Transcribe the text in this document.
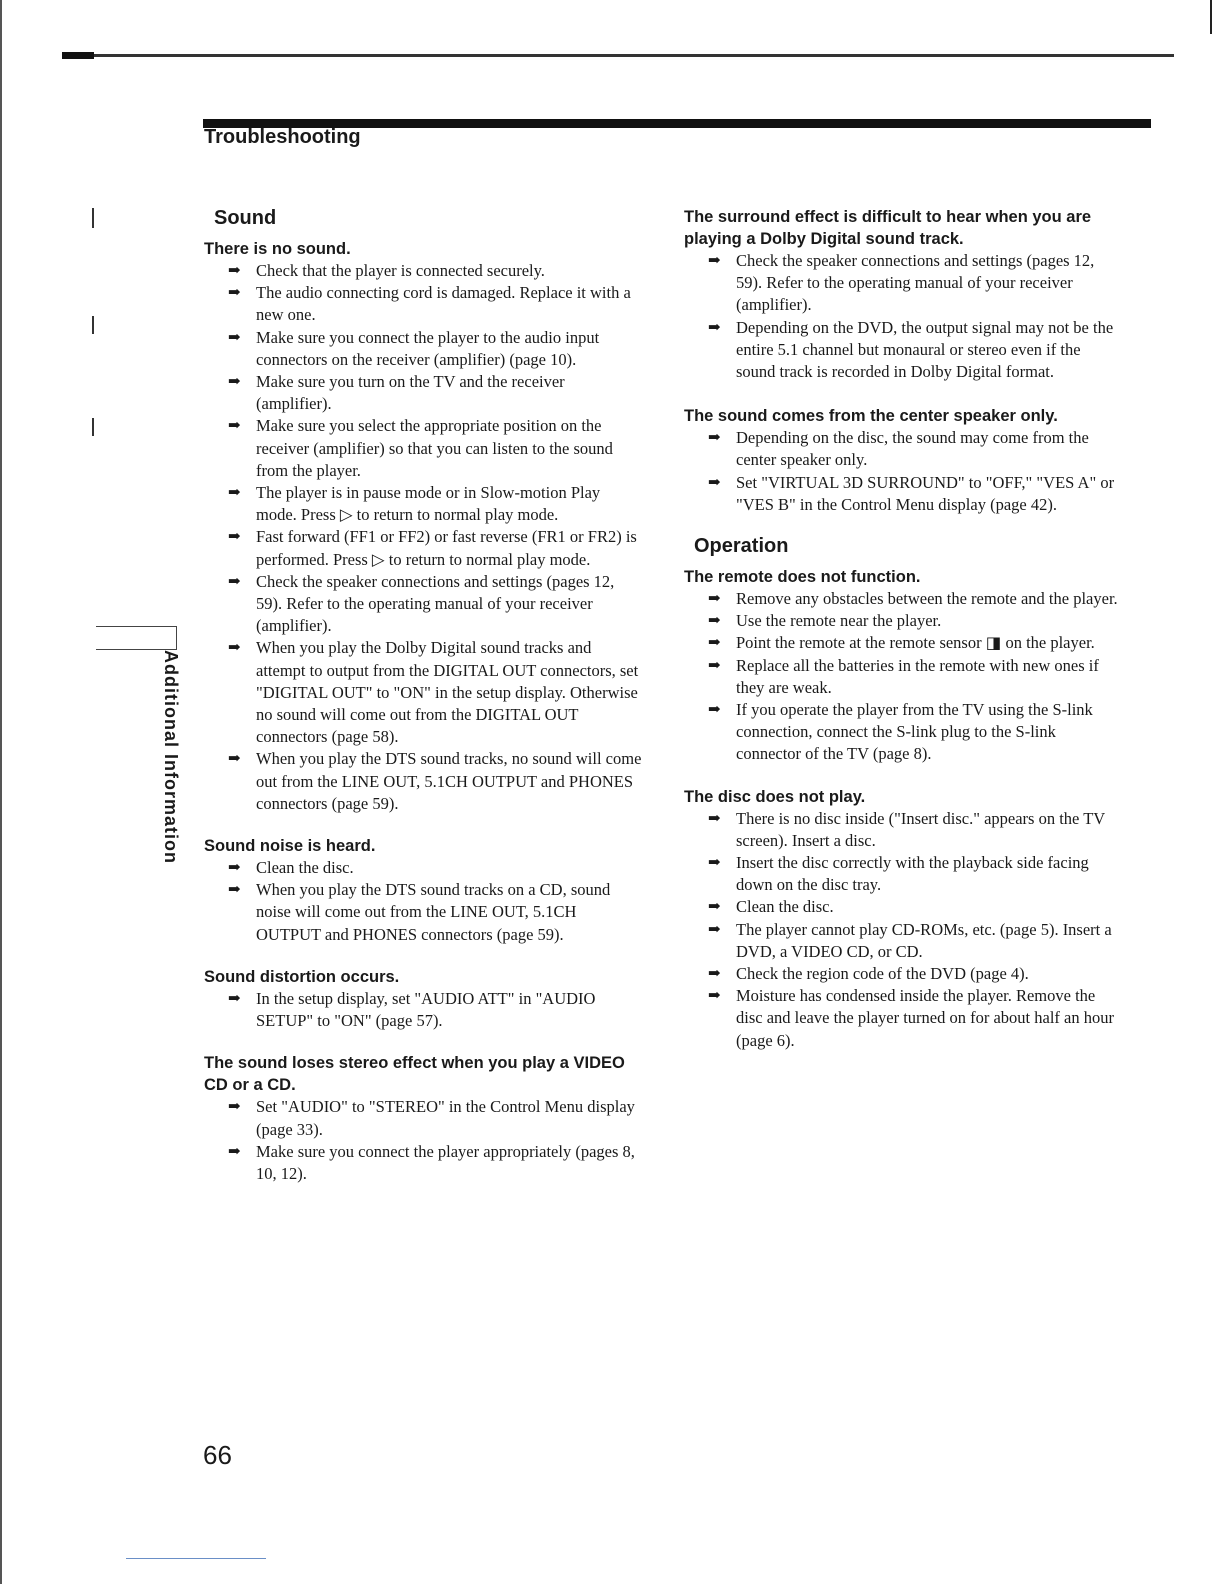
Troubleshooting
Additional Information
Sound
There is no sound.
➡ Check that the player is connected securely.
➡ The audio connecting cord is damaged. Replace it with a new one.
➡ Make sure you connect the player to the audio input connectors on the receiver (amplifier) (page 10).
➡ Make sure you turn on the TV and the receiver (amplifier).
➡ Make sure you select the appropriate position on the receiver (amplifier) so that you can listen to the sound from the player.
➡ The player is in pause mode or in Slow-motion Play mode. Press ▷ to return to normal play mode.
➡ Fast forward (FF1 or FF2) or fast reverse (FR1 or FR2) is performed. Press ▷ to return to normal play mode.
➡ Check the speaker connections and settings (pages 12, 59). Refer to the operating manual of your receiver (amplifier).
➡ When you play the Dolby Digital sound tracks and attempt to output from the DIGITAL OUT connectors, set "DIGITAL OUT" to "ON" in the setup display. Otherwise no sound will come out from the DIGITAL OUT connectors (page 58).
➡ When you play the DTS sound tracks, no sound will come out from the LINE OUT, 5.1CH OUTPUT and PHONES connectors (page 59).
Sound noise is heard.
➡ Clean the disc.
➡ When you play the DTS sound tracks on a CD, sound noise will come out from the LINE OUT, 5.1CH OUTPUT and PHONES connectors (page 59).
Sound distortion occurs.
➡ In the setup display, set "AUDIO ATT" in "AUDIO SETUP" to "ON" (page 57).
The sound loses stereo effect when you play a VIDEO CD or a CD.
➡ Set "AUDIO" to "STEREO" in the Control Menu display (page 33).
➡ Make sure you connect the player appropriately (pages 8, 10, 12).
The surround effect is difficult to hear when you are playing a Dolby Digital sound track.
➡ Check the speaker connections and settings (pages 12, 59). Refer to the operating manual of your receiver (amplifier).
➡ Depending on the DVD, the output signal may not be the entire 5.1 channel but monaural or stereo even if the sound track is recorded in Dolby Digital format.
The sound comes from the center speaker only.
➡ Depending on the disc, the sound may come from the center speaker only.
➡ Set "VIRTUAL 3D SURROUND" to "OFF," "VES A" or "VES B" in the Control Menu display (page 42).
Operation
The remote does not function.
➡ Remove any obstacles between the remote and the player.
➡ Use the remote near the player.
➡ Point the remote at the remote sensor ◨ on the player.
➡ Replace all the batteries in the remote with new ones if they are weak.
➡ If you operate the player from the TV using the S-link connection, connect the S-link plug to the S-link connector of the TV (page 8).
The disc does not play.
➡ There is no disc inside ("Insert disc." appears on the TV screen). Insert a disc.
➡ Insert the disc correctly with the playback side facing down on the disc tray.
➡ Clean the disc.
➡ The player cannot play CD-ROMs, etc. (page 5). Insert a DVD, a VIDEO CD, or CD.
➡ Check the region code of the DVD (page 4).
➡ Moisture has condensed inside the player. Remove the disc and leave the player turned on for about half an hour (page 6).
66
